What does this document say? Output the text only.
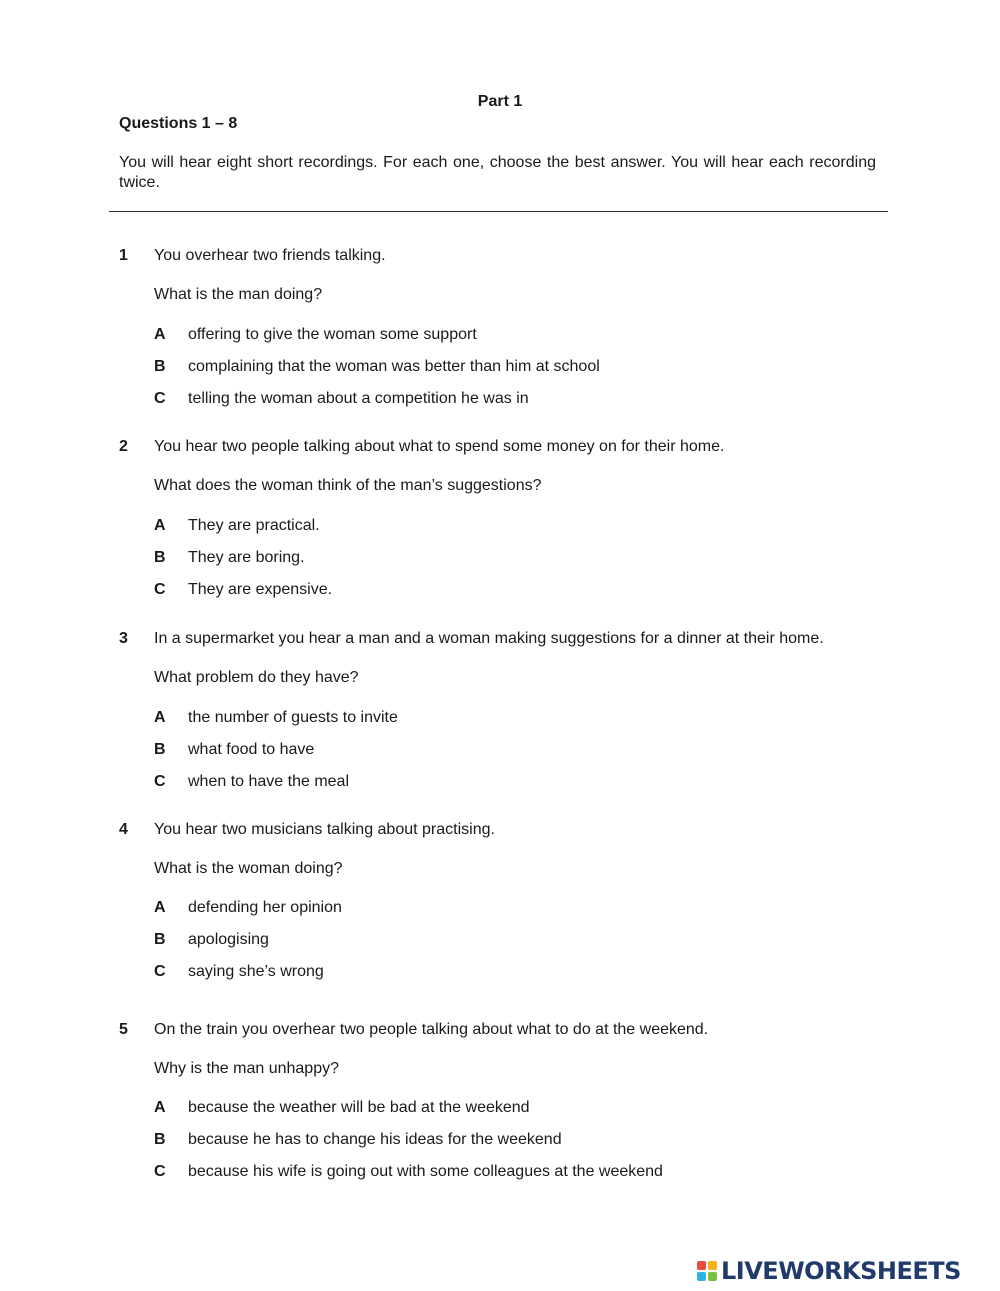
Part 1
Questions 1 – 8
You will hear eight short recordings. For each one, choose the best answer. You will hear each recording twice.
1 You overhear two friends talking.
What is the man doing?
A offering to give the woman some support
B complaining that the woman was better than him at school
C telling the woman about a competition he was in
2 You hear two people talking about what to spend some money on for their home.
What does the woman think of the man’s suggestions?
A They are practical.
B They are boring.
C They are expensive.
3 In a supermarket you hear a man and a woman making suggestions for a dinner at their home.
What problem do they have?
A the number of guests to invite
B what food to have
C when to have the meal
4 You hear two musicians talking about practising.
What is the woman doing?
A defending her opinion
B apologising
C saying she’s wrong
5 On the train you overhear two people talking about what to do at the weekend.
Why is the man unhappy?
A because the weather will be bad at the weekend
B because he has to change his ideas for the weekend
C because his wife is going out with some colleagues at the weekend
LIVEWORKSHEETS
